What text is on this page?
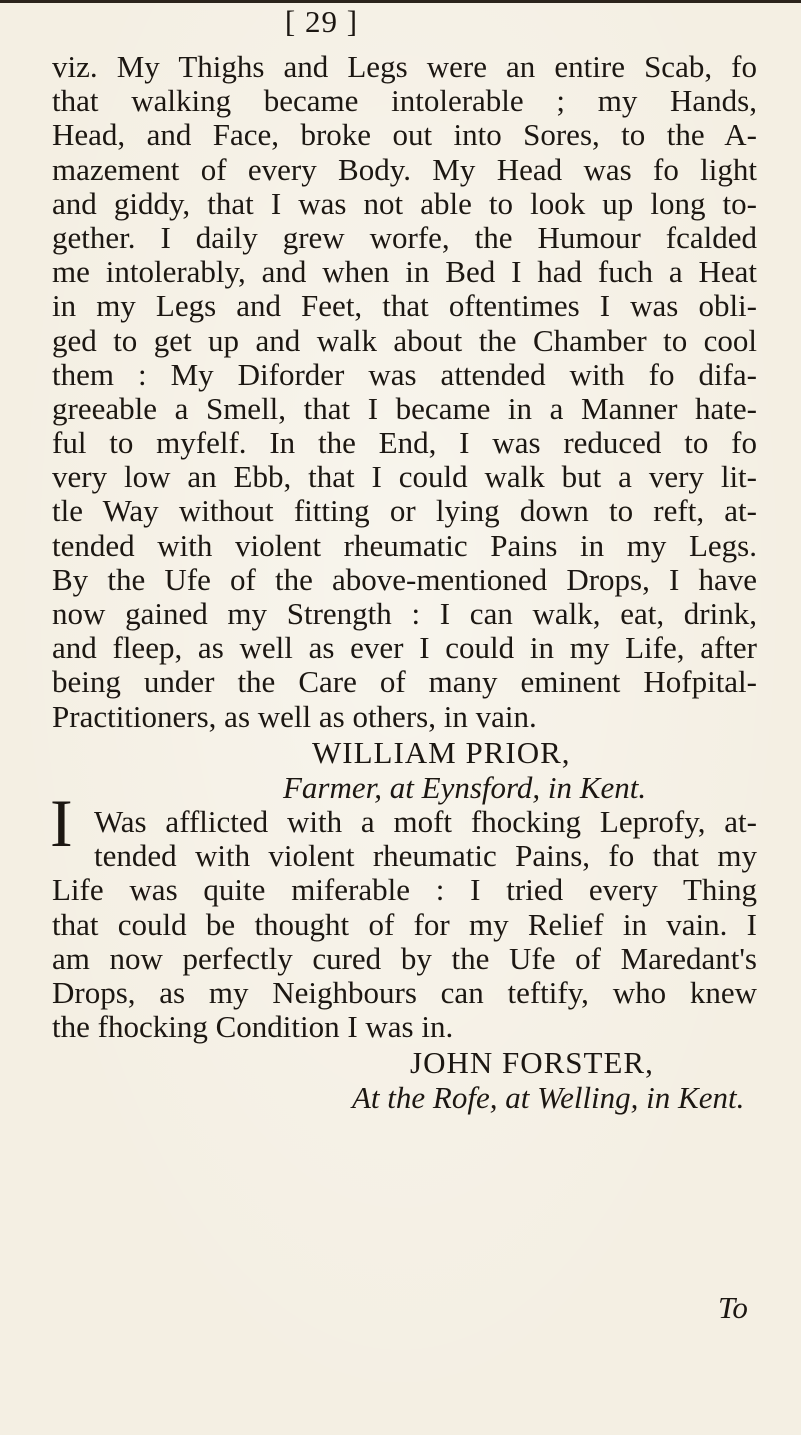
[ 29 ]
viz. My Thighs and Legs were an entire Scab, fo
that walking became intolerable ; my Hands,
Head, and Face, broke out into Sores, to the A-
mazement of every Body. My Head was fo light
and giddy, that I was not able to look up long to-
gether. I daily grew worfe, the Humour fcalded
me intolerably, and when in Bed I had fuch a Heat
in my Legs and Feet, that oftentimes I was obli-
ged to get up and walk about the Chamber to cool
them : My Diforder was attended with fo difa-
greeable a Smell, that I became in a Manner hate-
ful to myfelf. In the End, I was reduced to fo
very low an Ebb, that I could walk but a very lit-
tle Way without fitting or lying down to reft, at-
tended with violent rheumatic Pains in my Legs.
By the Ufe of the above-mentioned Drops, I have
now gained my Strength : I can walk, eat, drink,
and fleep, as well as ever I could in my Life, after
being under the Care of many eminent Hofpital-
Practitioners, as well as others, in vain.
WILLIAM PRIOR,
Farmer, at Eynsford, in Kent.
I Was afflicted with a moft fhocking Leprofy, at-
tended with violent rheumatic Pains, fo that my
Life was quite miferable : I tried every Thing
that could be thought of for my Relief in vain. I
am now perfectly cured by the Ufe of Maredant's
Drops, as my Neighbours can teftify, who knew
the fhocking Condition I was in.
JOHN FORSTER,
At the Rofe, at Welling, in Kent.
To
